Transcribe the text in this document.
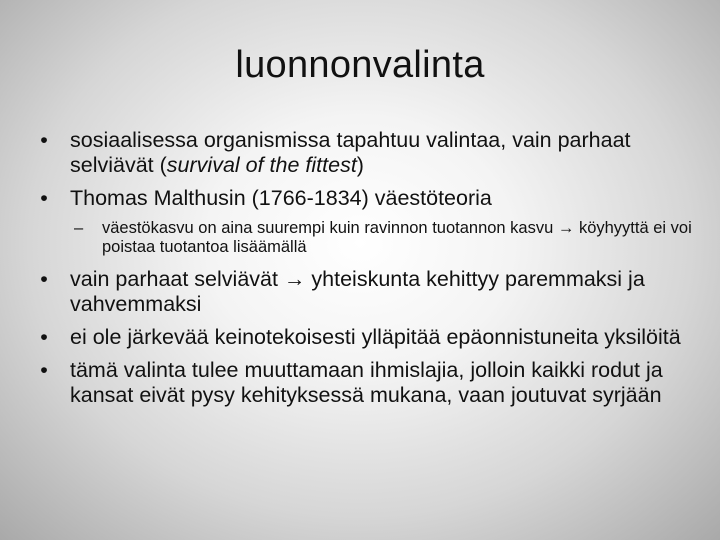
luonnonvalinta
• sosiaalisessa organismissa tapahtuu valintaa, vain parhaat selviävät (survival of the fittest)
• Thomas Malthusin (1766-1834) väestöteoria
– väestökasvu on aina suurempi kuin ravinnon tuotannon kasvu → köyhyyttä ei voi poistaa tuotantoa lisäämällä
• vain parhaat selviävät → yhteiskunta kehittyy paremmaksi ja vahvemmaksi
• ei ole järkevää keinotekoisesti ylläpitää epäonnistuneita yksilöitä
• tämä valinta tulee muuttamaan ihmislajia, jolloin kaikki rodut ja kansat eivät pysy kehityksessä mukana, vaan joutuvat syrjään
